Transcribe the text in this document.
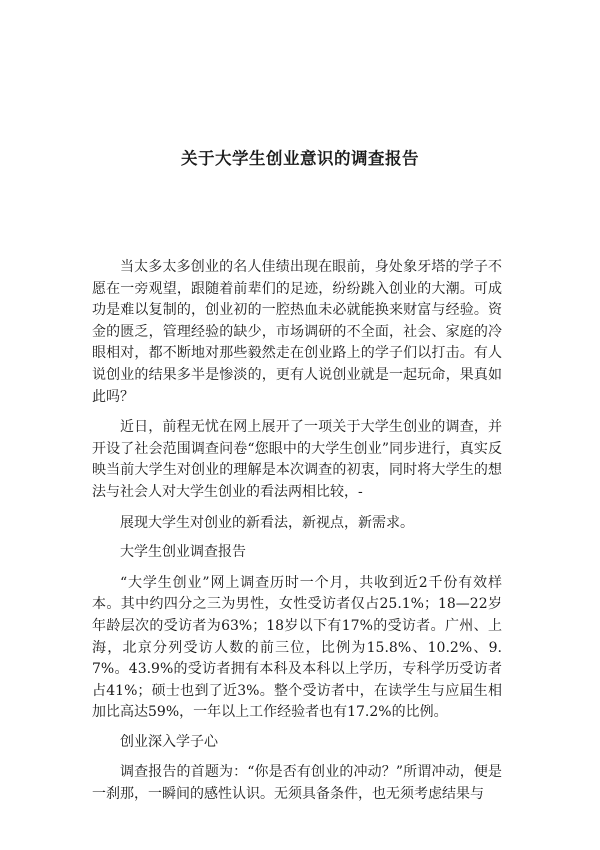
关于大学生创业意识的调查报告

当太多太多创业的名人佳绩出现在眼前，身处象牙塔的学子不愿在一旁观望，跟随着前辈们的足迹，纷纷跳入创业的大潮。可成功是难以复制的，创业初的一腔热血未必就能换来财富与经验。资金的匮乏，管理经验的缺少，市场调研的不全面，社会、家庭的冷眼相对，都不断地对那些毅然走在创业路上的学子们以打击。有人说创业的结果多半是惨淡的，更有人说创业就是一起玩命，果真如此吗？

近日，前程无忧在网上展开了一项关于大学生创业的调查，并开设了社会范围调查问卷“您眼中的大学生创业”同步进行，真实反映当前大学生对创业的理解是本次调查的初衷，同时将大学生的想法与社会人对大学生创业的看法两相比较，-

展现大学生对创业的新看法，新视点，新需求。

大学生创业调查报告

“大学生创业”网上调查历时一个月，共收到近2千份有效样本。其中约四分之三为男性，女性受访者仅占25.1%；18—22岁年龄层次的受访者为63%；18岁以下有17%的受访者。广州、上海，北京分列受访人数的前三位，比例为15.8%、10.2%、9.7%。43.9%的受访者拥有本科及本科以上学历，专科学历受访者占41%；硕士也到了近3%。整个受访者中，在读学生与应届生相加比高达59%，一年以上工作经验者也有17.2%的比例。

创业深入学子心

调查报告的首题为：“你是否有创业的冲动？”所谓冲动，便是一刹那，一瞬间的感性认识。无须具备条件，也无须考虑结果与
